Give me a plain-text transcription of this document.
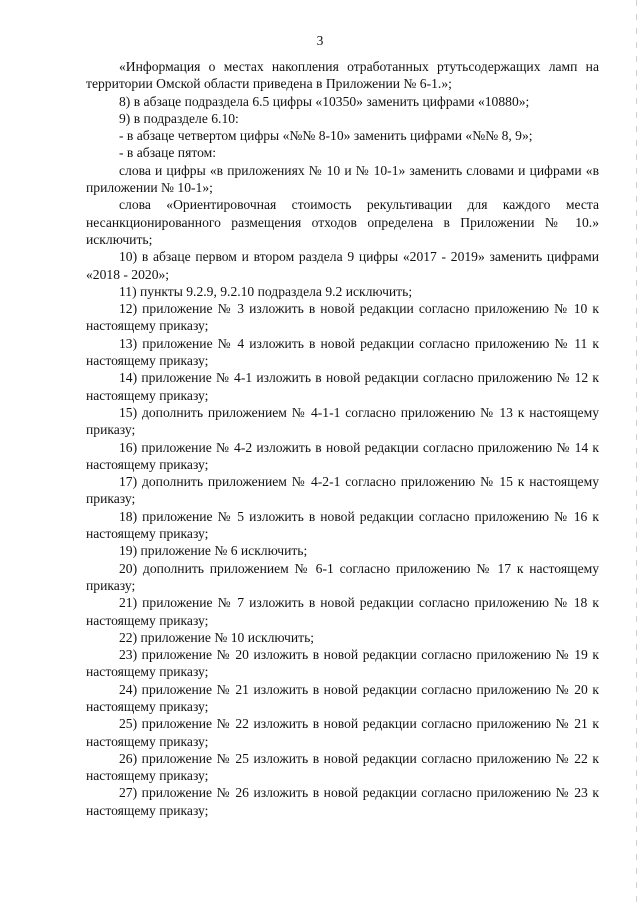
3

«Информация о местах накопления отработанных ртутьсодержащих ламп на территории Омской области приведена в Приложении № 6-1.»;

8) в абзаце подраздела 6.5 цифры «10350» заменить цифрами «10880»;

9) в подразделе 6.10:

- в абзаце четвертом цифры «№№ 8-10» заменить цифрами «№№ 8, 9»;

- в абзаце пятом:

слова и цифры «в приложениях № 10 и № 10-1» заменить словами и цифрами «в приложении № 10-1»;

слова «Ориентировочная стоимость рекультивации для каждого места несанкционированного размещения отходов определена в Приложении № 10.» исключить;

10) в абзаце первом и втором раздела 9 цифры «2017 - 2019» заменить цифрами «2018 - 2020»;

11) пункты 9.2.9, 9.2.10 подраздела 9.2 исключить;

12) приложение № 3 изложить в новой редакции согласно приложению № 10 к настоящему приказу;

13) приложение № 4 изложить в новой редакции согласно приложению № 11 к настоящему приказу;

14) приложение № 4-1 изложить в новой редакции согласно приложению № 12 к настоящему приказу;

15) дополнить приложением № 4-1-1 согласно приложению № 13 к настоящему приказу;

16) приложение № 4-2 изложить в новой редакции согласно приложению № 14 к настоящему приказу;

17) дополнить приложением № 4-2-1 согласно приложению № 15 к настоящему приказу;

18) приложение № 5 изложить в новой редакции согласно приложению № 16 к настоящему приказу;

19) приложение № 6 исключить;

20) дополнить приложением № 6-1 согласно приложению № 17 к настоящему приказу;

21) приложение № 7 изложить в новой редакции согласно приложению № 18 к настоящему приказу;

22) приложение № 10 исключить;

23) приложение № 20 изложить в новой редакции согласно приложению № 19 к настоящему приказу;

24) приложение № 21 изложить в новой редакции согласно приложению № 20 к настоящему приказу;

25) приложение № 22 изложить в новой редакции согласно приложению № 21 к настоящему приказу;

26) приложение № 25 изложить в новой редакции согласно приложению № 22 к настоящему приказу;

27) приложение № 26 изложить в новой редакции согласно приложению № 23 к настоящему приказу;
